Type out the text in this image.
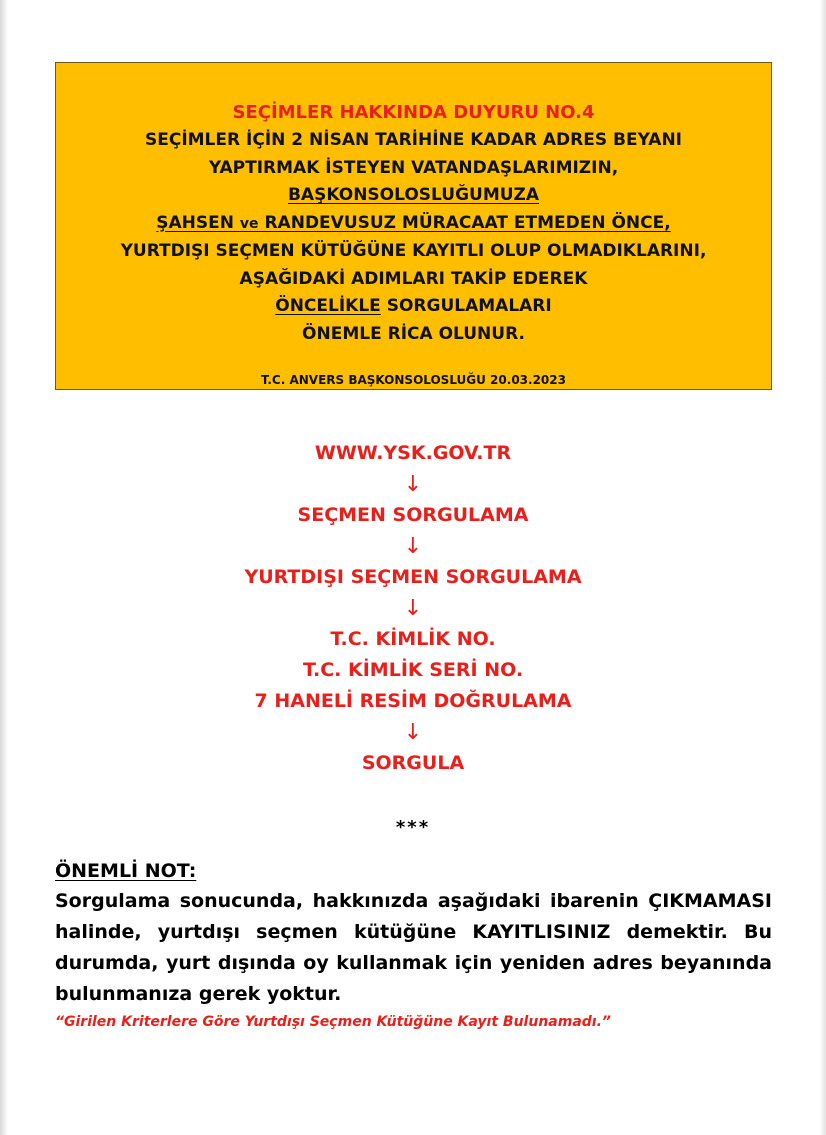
SEÇİMLER HAKKINDA DUYURU NO.4
SEÇİMLER İÇİN 2 NİSAN TARİHİNE KADAR ADRES BEYANI
YAPTIRMAK İSTEYEN VATANDAŞLARIMIZIN,
BAŞKONSOLOSLUĞUMUZA
ŞAHSEN ve RANDEVUSUZ MÜRACAAT ETMEDEN ÖNCE,
YURTDIŞI SEÇMEN KÜTÜĞÜNE KAYITLI OLUP OLMADIKLARINI,
AŞAĞIDAKİ ADIMLARI TAKİP EDEREK
ÖNCELİKLE SORGULAMALARI
ÖNEMLE RİCA OLUNUR.
T.C. ANVERS BAŞKONSOLOSLUĞU 20.03.2023
WWW.YSK.GOV.TR
↓
SEÇMEN SORGULAMA
↓
YURTDIŞI SEÇMEN SORGULAMA
↓
T.C. KİMLİK NO.
T.C. KİMLİK SERİ NO.
7 HANELİ RESİM DOĞRULAMA
↓
SORGULA
***
ÖNEMLİ NOT:
Sorgulama sonucunda, hakkınızda aşağıdaki ibarenin ÇIKMAMASI halinde, yurtdışı seçmen kütüğüne KAYITLISINIZ demektir. Bu durumda, yurt dışında oy kullanmak için yeniden adres beyanında bulunmanıza gerek yoktur.
“Girilen Kriterlere Göre Yurtdışı Seçmen Kütüğüne Kayıt Bulunamadı.”
